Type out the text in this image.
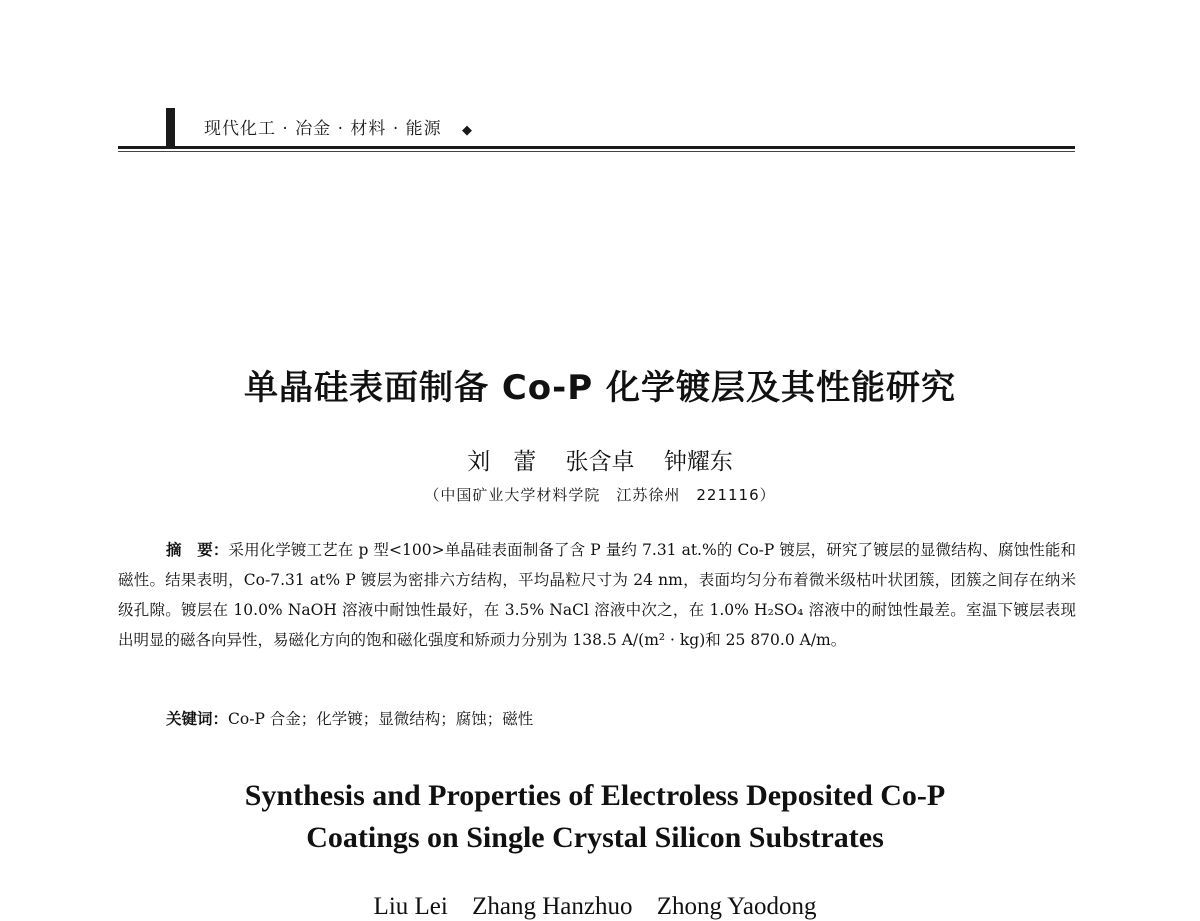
现代化工 · 冶金 · 材料 · 能源 ◆
单晶硅表面制备 Co-P 化学镀层及其性能研究
刘　蕾 张含卓 钟耀东
（中国矿业大学材料学院　江苏徐州　221116）
摘　要：采用化学镀工艺在 p 型<100>单晶硅表面制备了含 P 量约 7.31 at.%的 Co-P 镀层，研究了镀层的显微结构、腐蚀性能和磁性。结果表明，Co-7.31 at% P 镀层为密排六方结构，平均晶粒尺寸为 24 nm，表面均匀分布着微米级枯叶状团簇，团簇之间存在纳米级孔隙。镀层在 10.0% NaOH 溶液中耐蚀性最好，在 3.5% NaCl 溶液中次之，在 1.0% H₂SO₄ 溶液中的耐蚀性最差。室温下镀层表现出明显的磁各向异性，易磁化方向的饱和磁化强度和矫顽力分别为 138.5 A/(m² · kg)和 25 870.0 A/m。
关键词：Co-P 合金；化学镀；显微结构；腐蚀；磁性
Synthesis and Properties of Electroless Deposited Co-P
Coatings on Single Crystal Silicon Substrates
Liu Lei Zhang Hanzhuo Zhong Yaodong
